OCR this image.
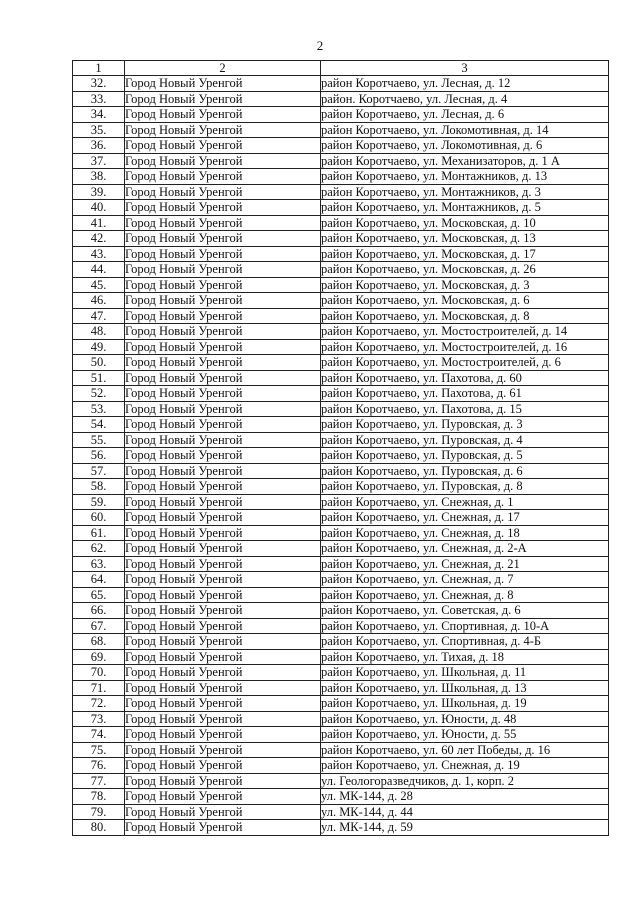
2
1	2	3
32.	Город Новый Уренгой	район Коротчаево, ул. Лесная, д. 12
33.	Город Новый Уренгой	район. Коротчаево, ул. Лесная, д. 4
34.	Город Новый Уренгой	район Коротчаево, ул. Лесная, д. 6
35.	Город Новый Уренгой	район Коротчаево, ул. Локомотивная, д. 14
36.	Город Новый Уренгой	район Коротчаево, ул. Локомотивная, д. 6
37.	Город Новый Уренгой	район Коротчаево, ул. Механизаторов, д. 1 А
38.	Город Новый Уренгой	район Коротчаево, ул. Монтажников, д. 13
39.	Город Новый Уренгой	район Коротчаево, ул. Монтажников, д. 3
40.	Город Новый Уренгой	район Коротчаево, ул. Монтажников, д. 5
41.	Город Новый Уренгой	район Коротчаево, ул. Московская, д. 10
42.	Город Новый Уренгой	район Коротчаево, ул. Московская, д. 13
43.	Город Новый Уренгой	район Коротчаево, ул. Московская, д. 17
44.	Город Новый Уренгой	район Коротчаево, ул. Московская, д. 26
45.	Город Новый Уренгой	район Коротчаево, ул. Московская, д. 3
46.	Город Новый Уренгой	район Коротчаево, ул. Московская, д. 6
47.	Город Новый Уренгой	район Коротчаево, ул. Московская, д. 8
48.	Город Новый Уренгой	район Коротчаево, ул. Мостостроителей, д. 14
49.	Город Новый Уренгой	район Коротчаево, ул. Мостостроителей, д. 16
50.	Город Новый Уренгой	район Коротчаево, ул. Мостостроителей, д. 6
51.	Город Новый Уренгой	район Коротчаево, ул. Пахотова, д. 60
52.	Город Новый Уренгой	район Коротчаево, ул. Пахотова, д. 61
53.	Город Новый Уренгой	район Коротчаево, ул. Пахотова, д. 15
54.	Город Новый Уренгой	район Коротчаево, ул. Пуровская, д. 3
55.	Город Новый Уренгой	район Коротчаево, ул. Пуровская, д. 4
56.	Город Новый Уренгой	район Коротчаево, ул. Пуровская, д. 5
57.	Город Новый Уренгой	район Коротчаево, ул. Пуровская, д. 6
58.	Город Новый Уренгой	район Коротчаево, ул. Пуровская, д. 8
59.	Город Новый Уренгой	район Коротчаево, ул. Снежная, д. 1
60.	Город Новый Уренгой	район Коротчаево, ул. Снежная, д. 17
61.	Город Новый Уренгой	район Коротчаево, ул. Снежная, д. 18
62.	Город Новый Уренгой	район Коротчаево, ул. Снежная, д. 2-А
63.	Город Новый Уренгой	район Коротчаево, ул. Снежная, д. 21
64.	Город Новый Уренгой	район Коротчаево, ул. Снежная, д. 7
65.	Город Новый Уренгой	район Коротчаево, ул. Снежная, д. 8
66.	Город Новый Уренгой	район Коротчаево, ул. Советская, д. 6
67.	Город Новый Уренгой	район Коротчаево, ул. Спортивная, д. 10-А
68.	Город Новый Уренгой	район Коротчаево, ул. Спортивная, д. 4-Б
69.	Город Новый Уренгой	район Коротчаево, ул. Тихая, д. 18
70.	Город Новый Уренгой	район Коротчаево, ул. Школьная, д. 11
71.	Город Новый Уренгой	район Коротчаево, ул. Школьная, д. 13
72.	Город Новый Уренгой	район Коротчаево, ул. Школьная, д. 19
73.	Город Новый Уренгой	район Коротчаево, ул. Юности, д. 48
74.	Город Новый Уренгой	район Коротчаево, ул. Юности, д. 55
75.	Город Новый Уренгой	район Коротчаево, ул. 60 лет Победы, д. 16
76.	Город Новый Уренгой	район Коротчаево, ул. Снежная, д. 19
77.	Город Новый Уренгой	ул. Геологоразведчиков, д. 1, корп. 2
78.	Город Новый Уренгой	ул. МК-144, д. 28
79.	Город Новый Уренгой	ул. МК-144, д. 44
80.	Город Новый Уренгой	ул. МК-144, д. 59
